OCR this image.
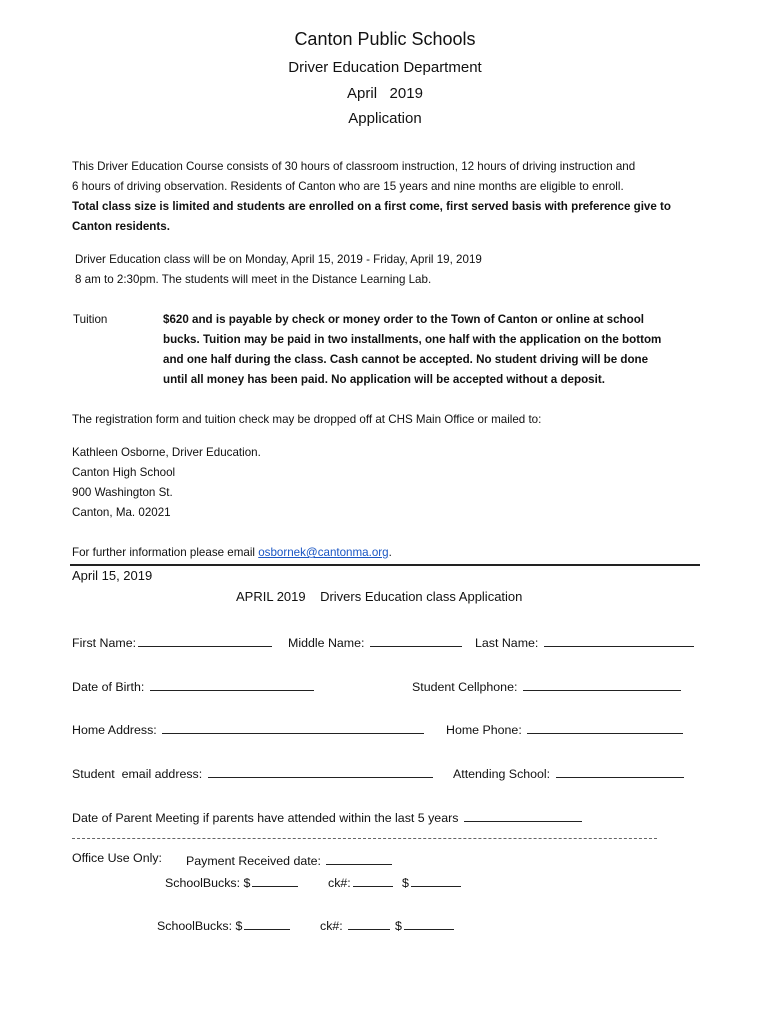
Canton Public Schools
Driver Education Department
April   2019
Application
This Driver Education Course consists of 30 hours of classroom instruction, 12 hours of driving instruction and
6 hours of driving observation. Residents of Canton who are 15 years and nine months are eligible to enroll.
Total class size is limited and students are enrolled on a first come, first served basis with preference give to
Canton residents.
Driver Education class will be on Monday, April 15, 2019 - Friday, April 19, 2019
8 am to 2:30pm. The students will meet in the Distance Learning Lab.
Tuition	$620 and is payable by check or money order to the Town of Canton or online at school
bucks. Tuition may be paid in two installments, one half with the application on the bottom
and one half during the class. Cash cannot be accepted. No student driving will be done
until all money has been paid. No application will be accepted without a deposit.
The registration form and tuition check may be dropped off at CHS Main Office or mailed to:
Kathleen Osborne, Driver Education.
Canton High School
900 Washington St.
Canton, Ma. 02021
For further information please email osbornek@cantonma.org.
April 15, 2019
APRIL 2019    Drivers Education class Application
First Name:	Middle Name:	Last Name:
Date of Birth:	Student Cellphone:
Home Address:	Home Phone:
Student  email address:	Attending School:
Date of Parent Meeting if parents have attended within the last 5 years
Office Use Only: Payment Received date:
SchoolBucks: $	ck#:	$
SchoolBucks: $	ck#:	$
